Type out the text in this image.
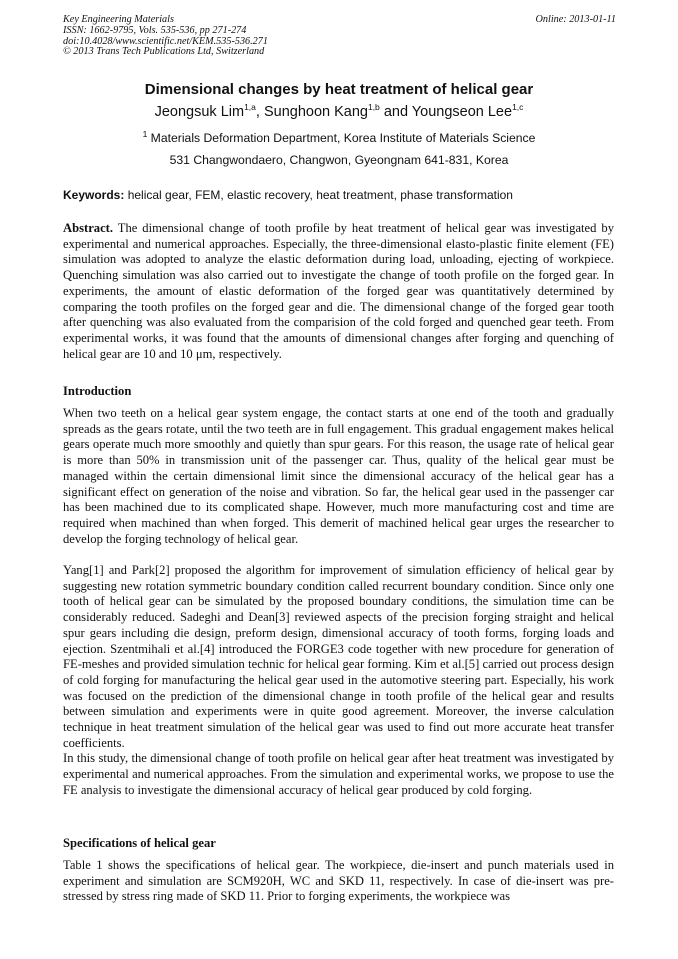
Key Engineering Materials
ISSN: 1662-9795, Vols. 535-536, pp 271-274
doi:10.4028/www.scientific.net/KEM.535-536.271
© 2013 Trans Tech Publications Ltd, Switzerland
Online: 2013-01-11
Dimensional changes by heat treatment of helical gear
Jeongsuk Lim$^{1,a}$, Sunghoon Kang$^{1,b}$ and Youngseon Lee$^{1,c}$
$^1$ Materials Deformation Department, Korea Institute of Materials Science
531 Changwondaero, Changwon, Gyeongnam 641-831, Korea
Keywords: helical gear, FEM, elastic recovery, heat treatment, phase transformation

Abstract. The dimensional change of tooth profile by heat treatment of helical gear was investigated by experimental and numerical approaches. Especially, the three-dimensional elasto-plastic finite element (FE) simulation was adopted to analyze the elastic deformation during load, unloading, ejecting of workpiece. Quenching simulation was also carried out to investigate the change of tooth profile on the forged gear. In experiments, the amount of elastic deformation of the forged gear was quantitatively determined by comparing the tooth profiles on the forged gear and die. The dimensional change of the forged gear tooth after quenching was also evaluated from the comparision of the cold forged and quenched gear teeth. From experimental works, it was found that the amounts of dimensional changes after forging and quenching of helical gear are 10 and 10 μm, respectively.

Introduction

When two teeth on a helical gear system engage, the contact starts at one end of the tooth and gradually spreads as the gears rotate, until the two teeth are in full engagement. This gradual engagement makes helical gears operate much more smoothly and quietly than spur gears. For this reason, the usage rate of helical gear is more than 50% in transmission unit of the passenger car. Thus, quality of the helical gear must be managed within the certain dimensional limit since the dimensional accuracy of the helical gear has a significant effect on generation of the noise and vibration. So far, the helical gear used in the passenger car has been machined due to its complicated shape. However, much more manufacturing cost and time are required when machined than when forged. This demerit of machined helical gear urges the researcher to develop the forging technology of helical gear.

Yang[1] and Park[2] proposed the algorithm for improvement of simulation efficiency of helical gear by suggesting new rotation symmetric boundary condition called recurrent boundary condition. Since only one tooth of helical gear can be simulated by the proposed boundary conditions, the simulation time can be considerably reduced. Sadeghi and Dean[3] reviewed aspects of the precision forging straight and helical spur gears including die design, preform design, dimensional accuracy of tooth forms, forging loads and ejection. Szentmihali et al.[4] introduced the FORGE3 code together with new procedure for generation of FE-meshes and provided simulation technic for helical gear forming. Kim et al.[5] carried out process design of cold forging for manufacturing the helical gear used in the automotive steering part. Especially, his work was focused on the prediction of the dimensional change in tooth profile of the helical gear and results between simulation and experiments were in quite good agreement. Moreover, the inverse calculation technique in heat treatment simulation of the helical gear was used to find out more accurate heat transfer coefficients.

In this study, the dimensional change of tooth profile on helical gear after heat treatment was investigated by experimental and numerical approaches. From the simulation and experimental works, we propose to use the FE analysis to investigate the dimensional accuracy of helical gear produced by cold forging.

Specifications of helical gear

Table 1 shows the specifications of helical gear. The workpiece, die-insert and punch materials used in experiment and simulation are SCM920H, WC and SKD 11, respectively. In case of die-insert was pre-stressed by stress ring made of SKD 11. Prior to forging experiments, the workpiece was
